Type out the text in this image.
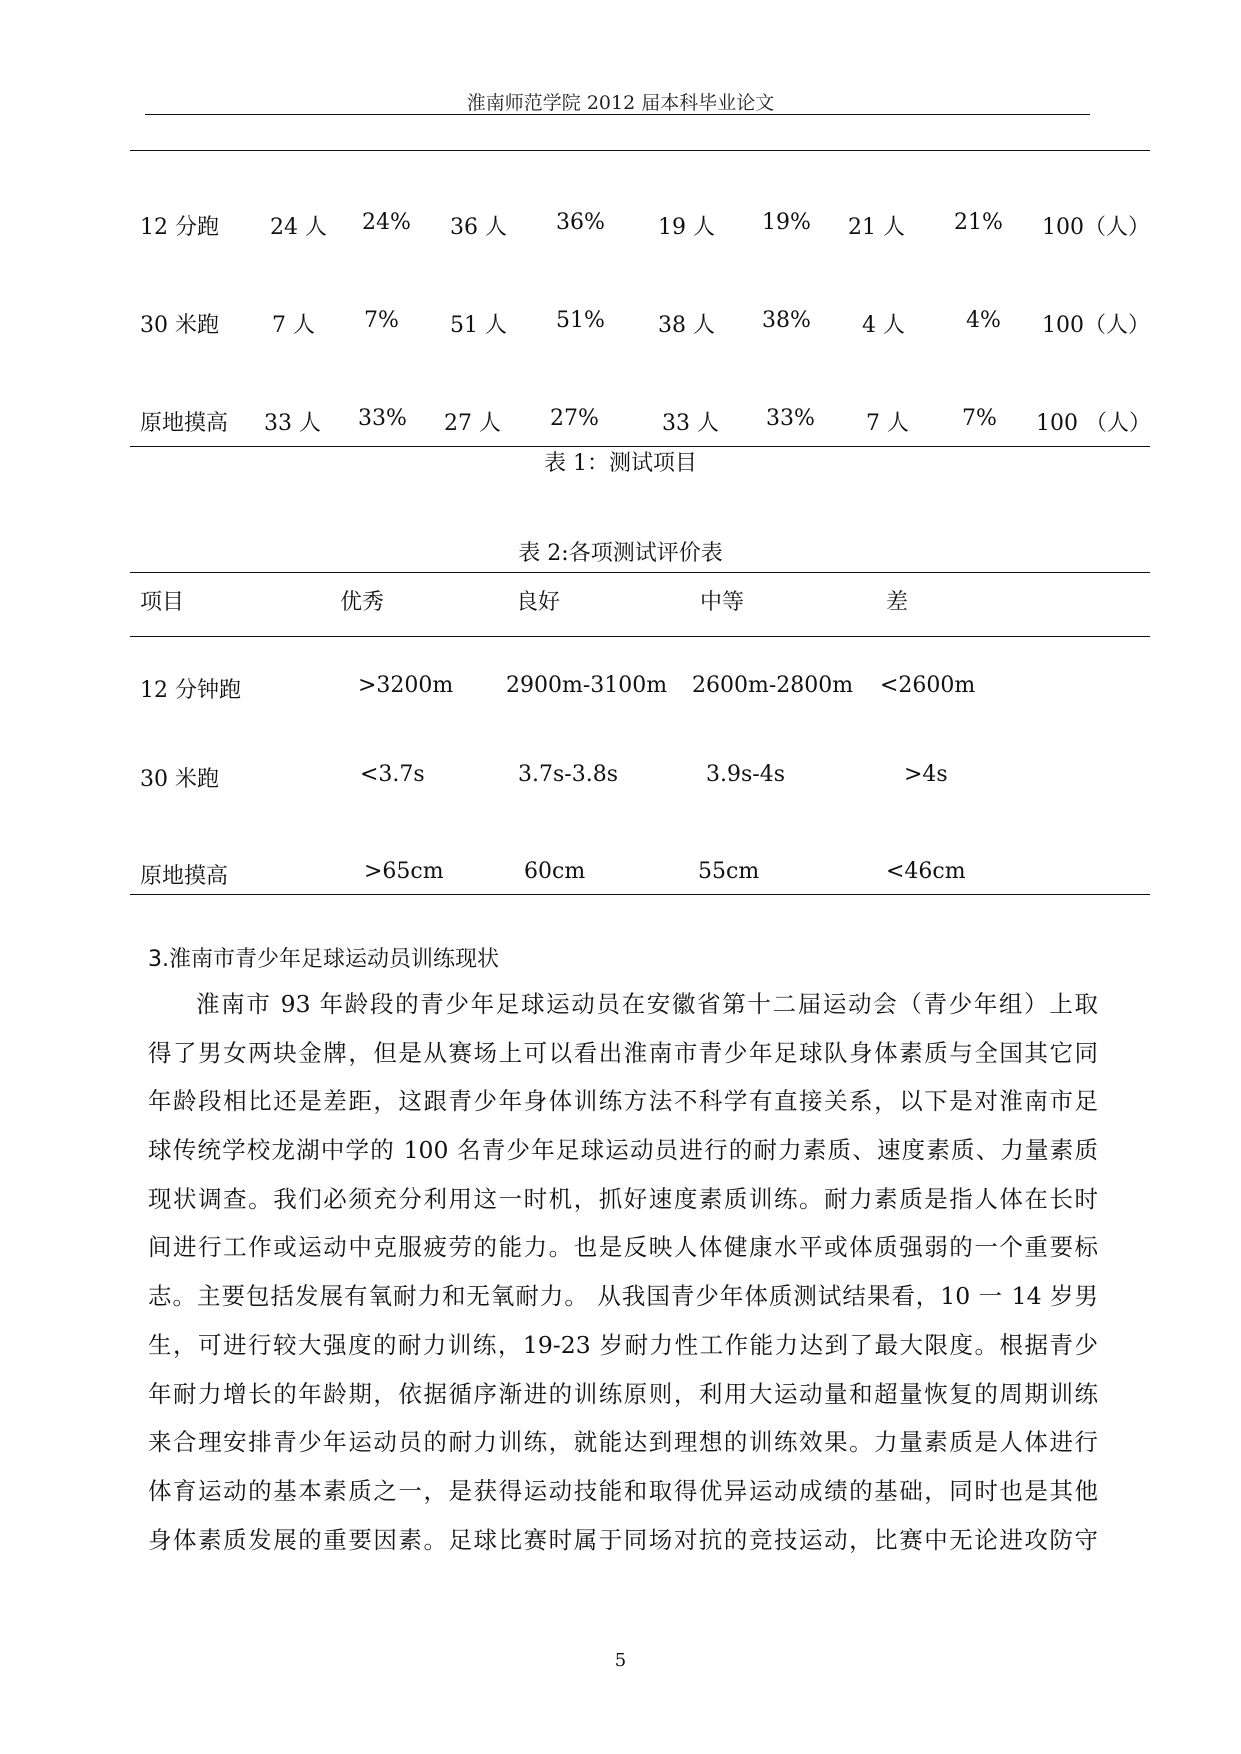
淮南师范学院 2012 届本科毕业论文
12 分跑 24 人 24% 36 人 36% 19 人 19% 21 人 21% 100（人）
30 米跑 7 人 7% 51 人 51% 38 人 38% 4 人	4% 100（人）
原地摸高 33 人 33% 27 人 27%	33 人 33% 7 人 7% 100 （人）
表 1：测试项目
表 2:各项测试评价表
项目	优秀	良好	中等	差
12 分钟跑	>3200m 2900m-3100m 2600m-2800m <2600m
30 米跑	<3.7s	3.7s-3.8s	3.9s-4s	>4s
原地摸高	>65cm	60cm	55cm	<46cm
3.淮南市青少年足球运动员训练现状
淮南市 93 年龄段的青少年足球运动员在安徽省第十二届运动会（青少年组）上取
得了男女两块金牌，但是从赛场上可以看出淮南市青少年足球队身体素质与全国其它同
年龄段相比还是差距，这跟青少年身体训练方法不科学有直接关系，以下是对淮南市足
球传统学校龙湖中学的 100 名青少年足球运动员进行的耐力素质、速度素质、力量素质
现状调查。我们必须充分利用这一时机，抓好速度素质训练。耐力素质是指人体在长时
间进行工作或运动中克服疲劳的能力。也是反映人体健康水平或体质强弱的一个重要标
志。主要包括发展有氧耐力和无氧耐力。 从我国青少年体质测试结果看，10 一 14 岁男
生，可进行较大强度的耐力训练，19-23 岁耐力性工作能力达到了最大限度。根据青少
年耐力增长的年龄期，依据循序渐进的训练原则，利用大运动量和超量恢复的周期训练
来合理安排青少年运动员的耐力训练，就能达到理想的训练效果。力量素质是人体进行
体育运动的基本素质之一，是获得运动技能和取得优异运动成绩的基础，同时也是其他
身体素质发展的重要因素。足球比赛时属于同场对抗的竞技运动，比赛中无论进攻防守
5
